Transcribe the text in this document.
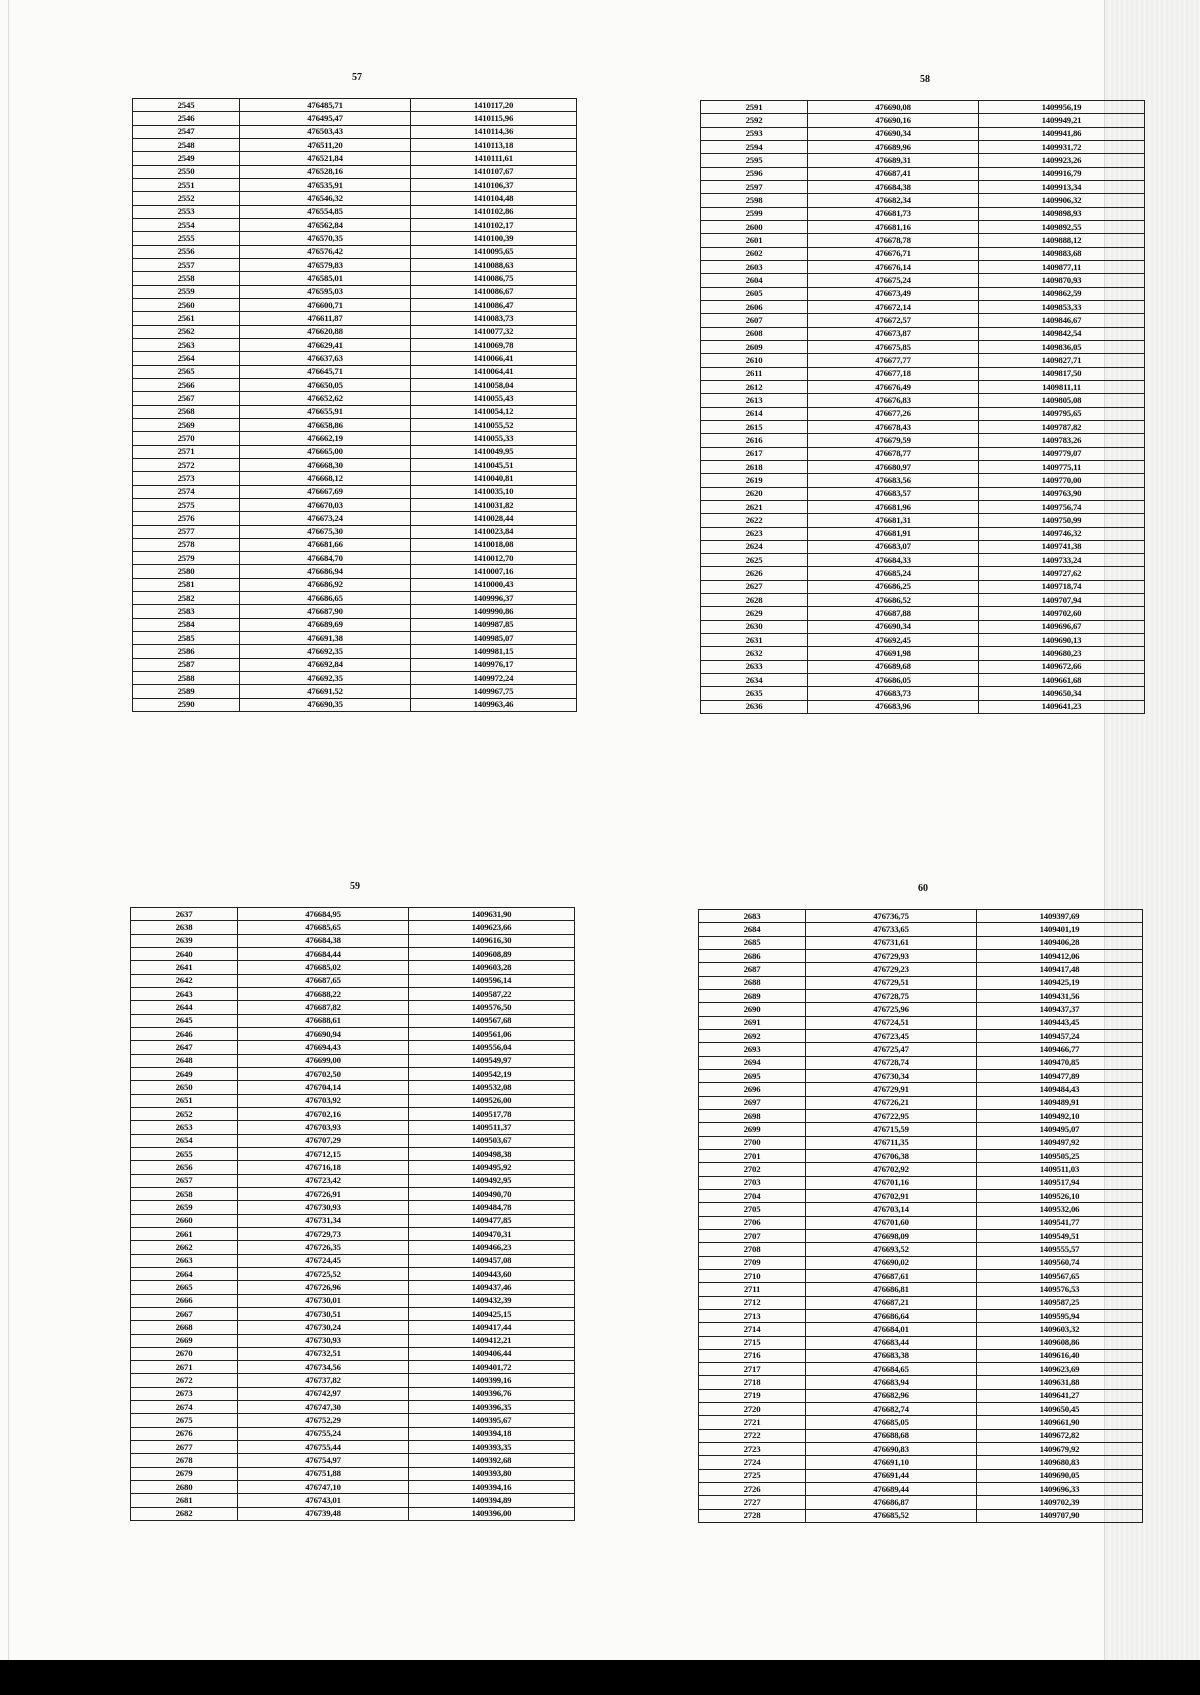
57
2545	476485,71	1410117,20
2546	476495,47	1410115,96
2547	476503,43	1410114,36
2548	476511,20	1410113,18
2549	476521,84	1410111,61
2550	476528,16	1410107,67
2551	476535,91	1410106,37
2552	476546,32	1410104,48
2553	476554,85	1410102,86
2554	476562,84	1410102,17
2555	476570,35	1410100,39
2556	476576,42	1410095,65
2557	476579,83	1410088,63
2558	476585,01	1410086,75
2559	476595,03	1410086,67
2560	476600,71	1410086,47
2561	476611,87	1410083,73
2562	476620,88	1410077,32
2563	476629,41	1410069,78
2564	476637,63	1410066,41
2565	476645,71	1410064,41
2566	476650,05	1410058,04
2567	476652,62	1410055,43
2568	476655,91	1410054,12
2569	476658,86	1410055,52
2570	476662,19	1410055,33
2571	476665,00	1410049,95
2572	476668,30	1410045,51
2573	476668,12	1410040,81
2574	476667,69	1410035,10
2575	476670,03	1410031,82
2576	476673,24	1410028,44
2577	476675,30	1410023,84
2578	476681,66	1410018,08
2579	476684,70	1410012,70
2580	476686,94	1410007,16
2581	476686,92	1410000,43
2582	476686,65	1409996,37
2583	476687,90	1409990,86
2584	476689,69	1409987,85
2585	476691,38	1409985,07
2586	476692,35	1409981,15
2587	476692,84	1409976,17
2588	476692,35	1409972,24
2589	476691,52	1409967,75
2590	476690,35	1409963,46
58
2591	476690,08	1409956,19
2592	476690,16	1409949,21
2593	476690,34	1409941,86
2594	476689,96	1409931,72
2595	476689,31	1409923,26
2596	476687,41	1409916,79
2597	476684,38	1409913,34
2598	476682,34	1409906,32
2599	476681,73	1409898,93
2600	476681,16	1409892,55
2601	476678,78	1409888,12
2602	476676,71	1409883,68
2603	476676,14	1409877,11
2604	476675,24	1409870,93
2605	476673,49	1409862,59
2606	476672,14	1409853,33
2607	476672,57	1409846,67
2608	476673,87	1409842,54
2609	476675,85	1409836,05
2610	476677,77	1409827,71
2611	476677,18	1409817,50
2612	476676,49	1409811,11
2613	476676,83	1409805,08
2614	476677,26	1409795,65
2615	476678,43	1409787,82
2616	476679,59	1409783,26
2617	476678,77	1409779,07
2618	476680,97	1409775,11
2619	476683,56	1409770,00
2620	476683,57	1409763,90
2621	476681,96	1409756,74
2622	476681,31	1409750,99
2623	476681,91	1409746,32
2624	476683,07	1409741,38
2625	476684,33	1409733,24
2626	476685,24	1409727,62
2627	476686,25	1409718,74
2628	476686,52	1409707,94
2629	476687,88	1409702,60
2630	476690,34	1409696,67
2631	476692,45	1409690,13
2632	476691,98	1409680,23
2633	476689,68	1409672,66
2634	476686,05	1409661,68
2635	476683,73	1409650,34
2636	476683,96	1409641,23
59
2637	476684,95	1409631,90
2638	476685,65	1409623,66
2639	476684,38	1409616,30
2640	476684,44	1409608,89
2641	476685,02	1409603,28
2642	476687,65	1409596,14
2643	476688,22	1409587,22
2644	476687,82	1409576,50
2645	476688,61	1409567,68
2646	476690,94	1409561,06
2647	476694,43	1409556,04
2648	476699,00	1409549,97
2649	476702,50	1409542,19
2650	476704,14	1409532,08
2651	476703,92	1409526,00
2652	476702,16	1409517,78
2653	476703,93	1409511,37
2654	476707,29	1409503,67
2655	476712,15	1409498,38
2656	476716,18	1409495,92
2657	476723,42	1409492,95
2658	476726,91	1409490,70
2659	476730,93	1409484,78
2660	476731,34	1409477,85
2661	476729,73	1409470,31
2662	476726,35	1409466,23
2663	476724,45	1409457,08
2664	476725,52	1409443,60
2665	476726,96	1409437,46
2666	476730,01	1409432,39
2667	476730,51	1409425,15
2668	476730,24	1409417,44
2669	476730,93	1409412,21
2670	476732,51	1409406,44
2671	476734,56	1409401,72
2672	476737,82	1409399,16
2673	476742,97	1409396,76
2674	476747,30	1409396,35
2675	476752,29	1409395,67
2676	476755,24	1409394,18
2677	476755,44	1409393,35
2678	476754,97	1409392,68
2679	476751,88	1409393,80
2680	476747,10	1409394,16
2681	476743,01	1409394,89
2682	476739,48	1409396,00
60
2683	476736,75	1409397,69
2684	476733,65	1409401,19
2685	476731,61	1409406,28
2686	476729,93	1409412,06
2687	476729,23	1409417,48
2688	476729,51	1409425,19
2689	476728,75	1409431,56
2690	476725,96	1409437,37
2691	476724,51	1409443,45
2692	476723,45	1409457,24
2693	476725,47	1409466,77
2694	476728,74	1409470,85
2695	476730,34	1409477,89
2696	476729,91	1409484,43
2697	476726,21	1409489,91
2698	476722,95	1409492,10
2699	476715,59	1409495,07
2700	476711,35	1409497,92
2701	476706,38	1409505,25
2702	476702,92	1409511,03
2703	476701,16	1409517,94
2704	476702,91	1409526,10
2705	476703,14	1409532,06
2706	476701,60	1409541,77
2707	476698,09	1409549,51
2708	476693,52	1409555,57
2709	476690,02	1409560,74
2710	476687,61	1409567,65
2711	476686,81	1409576,53
2712	476687,21	1409587,25
2713	476686,64	1409595,94
2714	476684,01	1409603,32
2715	476683,44	1409608,86
2716	476683,38	1409616,40
2717	476684,65	1409623,69
2718	476683,94	1409631,88
2719	476682,96	1409641,27
2720	476682,74	1409650,45
2721	476685,05	1409661,90
2722	476688,68	1409672,82
2723	476690,83	1409679,92
2724	476691,10	1409680,83
2725	476691,44	1409690,05
2726	476689,44	1409696,33
2727	476686,87	1409702,39
2728	476685,52	1409707,90
